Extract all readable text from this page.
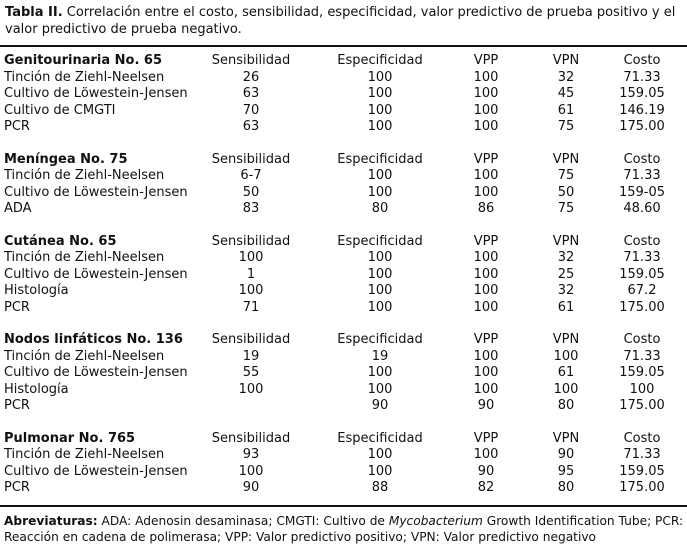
Tabla II. Correlación entre el costo, sensibilidad, especificidad, valor predictivo de prueba positivo y el valor predictivo de prueba negativo.
Genitourinaria No. 65	Sensibilidad	Especificidad	VPP	VPN	Costo
Tinción de Ziehl-Neelsen	26	100	100	32	71.33
Cultivo de Löwestein-Jensen	63	100	100	45	159.05
Cultivo de CMGTI	70	100	100	61	146.19
PCR	63	100	100	75	175.00

Meníngea No. 75	Sensibilidad	Especificidad	VPP	VPN	Costo
Tinción de Ziehl-Neelsen	6-7	100	100	75	71.33
Cultivo de Löwestein-Jensen	50	100	100	50	159-05
ADA	83	80	86	75	48.60

Cutánea No. 65	Sensibilidad	Especificidad	VPP	VPN	Costo
Tinción de Ziehl-Neelsen	100	100	100	32	71.33
Cultivo de Löwestein-Jensen	1	100	100	25	159.05
Histología	100	100	100	32	67.2
PCR	71	100	100	61	175.00

Nodos linfáticos No. 136	Sensibilidad	Especificidad	VPP	VPN	Costo
Tinción de Ziehl-Neelsen	19	19	100	100	71.33
Cultivo de Löwestein-Jensen	55	100	100	61	159.05
Histología	100	100	100	100	100
PCR		90	90	80	175.00

Pulmonar No. 765	Sensibilidad	Especificidad	VPP	VPN	Costo
Tinción de Ziehl-Neelsen	93	100	100	90	71.33
Cultivo de Löwestein-Jensen	100	100	90	95	159.05
PCR	90	88	82	80	175.00
Abreviaturas: ADA: Adenosin desaminasa; CMGTI: Cultivo de Mycobacterium Growth Identification Tube; PCR: Reacción en cadena de polimerasa; VPP: Valor predictivo positivo; VPN: Valor predictivo negativo
